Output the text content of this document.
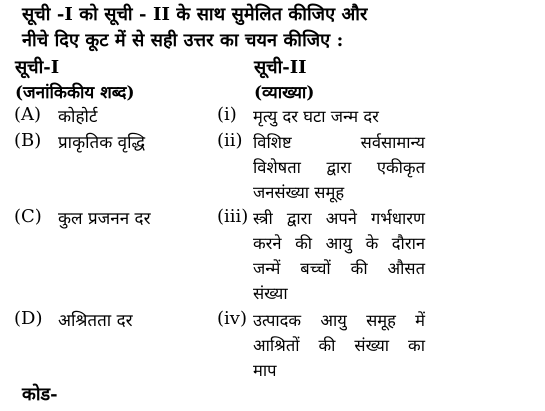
सूची -I को सूची - II के साथ सुमेलित कीजिए और
नीचे दिए कूट में से सही उत्तर का चयन कीजिए :
सूची-I	सूची-II
(जनांकिकीय शब्द)	(व्याख्या)
(A) कोहोर्ट	(i) मृत्यु दर घटा जन्म दर
(B) प्राकृतिक वृद्धि	(ii) विशिष्ट सर्वसामान्य
विशेषता द्वारा एकीकृत
जनसंख्या समूह
(C) कुल प्रजनन दर	(iii) स्त्री द्वारा अपने गर्भधारण
करने की आयु के दौरान
जन्में बच्चों की औसत
संख्या
(D) अश्रितता दर	(iv) उत्पादक आयु समूह में
आश्रितों की संख्या का
माप
कोड-
